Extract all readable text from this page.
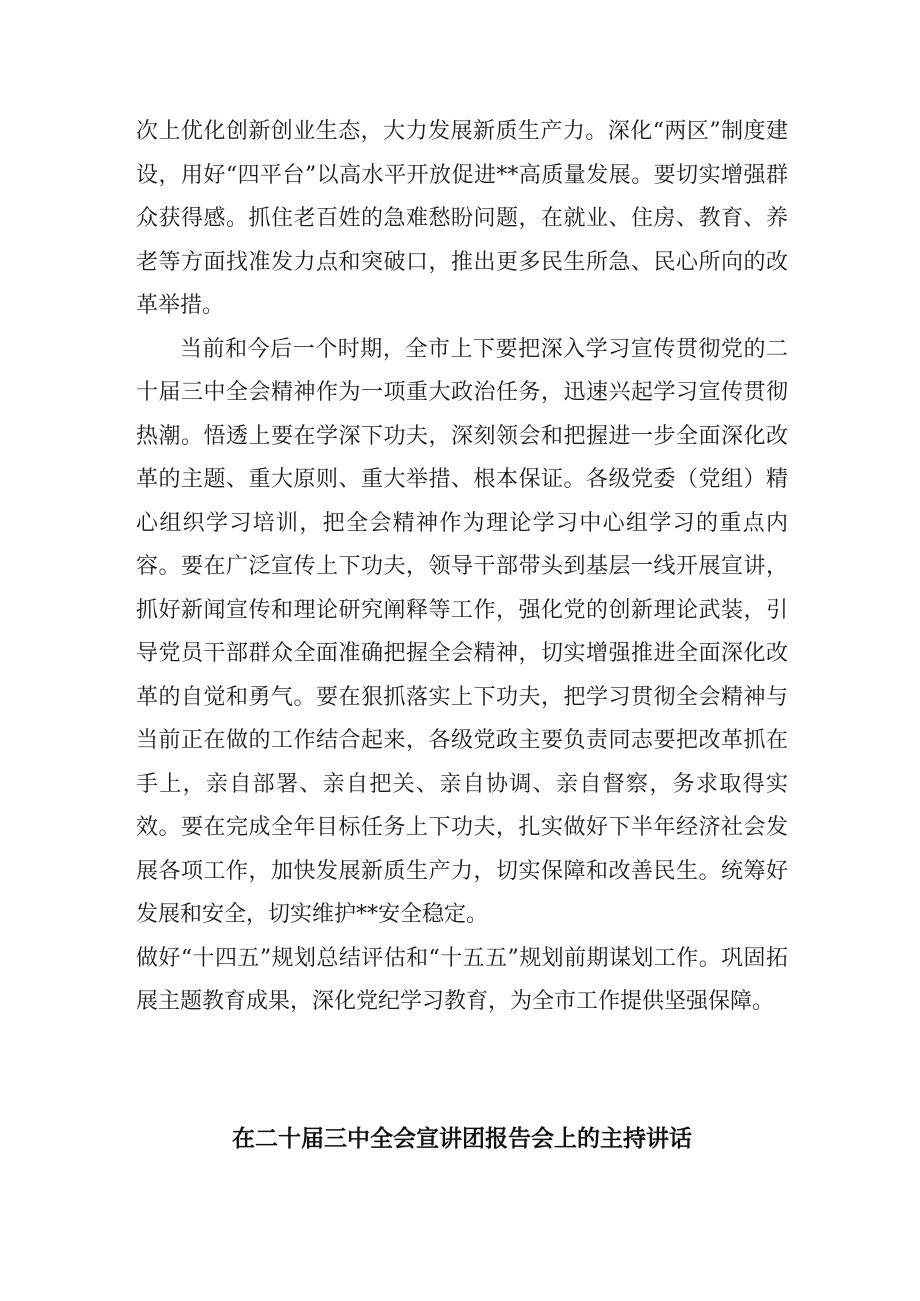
次上优化创新创业生态，大力发展新质生产力。深化“两区”制度建设，用好“四平台”以高水平开放促进**高质量发展。要切实增强群众获得感。抓住老百姓的急难愁盼问题，在就业、住房、教育、养老等方面找准发力点和突破口，推出更多民生所急、民心所向的改革举措。

当前和今后一个时期，全市上下要把深入学习宣传贯彻党的二十届三中全会精神作为一项重大政治任务，迅速兴起学习宣传贯彻热潮。悟透上要在学深下功夫，深刻领会和把握进一步全面深化改革的主题、重大原则、重大举措、根本保证。各级党委（党组）精心组织学习培训，把全会精神作为理论学习中心组学习的重点内容。要在广泛宣传上下功夫，领导干部带头到基层一线开展宣讲，抓好新闻宣传和理论研究阐释等工作，强化党的创新理论武装，引导党员干部群众全面准确把握全会精神，切实增强推进全面深化改革的自觉和勇气。要在狠抓落实上下功夫，把学习贯彻全会精神与当前正在做的工作结合起来，各级党政主要负责同志要把改革抓在手上，亲自部署、亲自把关、亲自协调、亲自督察，务求取得实效。要在完成全年目标任务上下功夫，扎实做好下半年经济社会发展各项工作，加快发展新质生产力，切实保障和改善民生。统筹好发展和安全，切实维护**安全稳定。

做好“十四五”规划总结评估和“十五五”规划前期谋划工作。巩固拓展主题教育成果，深化党纪学习教育，为全市工作提供坚强保障。

在二十届三中全会宣讲团报告会上的主持讲话
